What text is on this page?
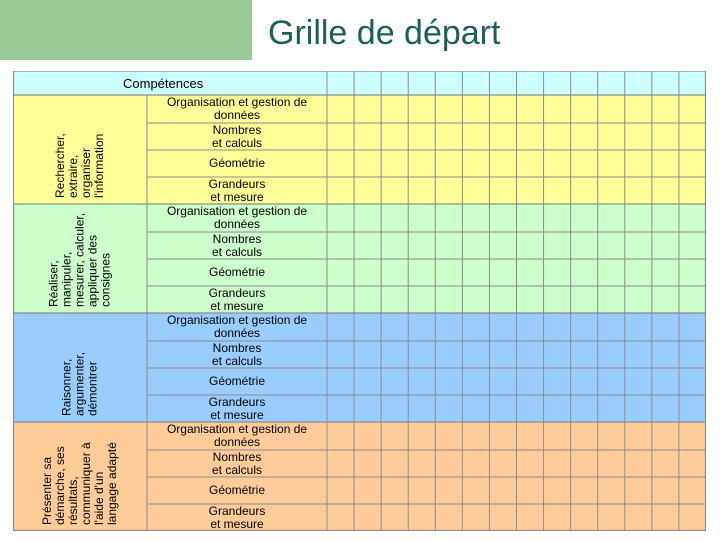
Grille de départ
Compétences
Rechercher,
extraire,
organiser
l'information
Organisation et gestion de
données
Nombres
et calculs
Géométrie
Grandeurs
et mesure
Réaliser,
manipuler,
mesurer, calculer,
appliquer des
consignes
Organisation et gestion de
données
Nombres
et calculs
Géométrie
Grandeurs
et mesure
Raisonner,
argumenter,
démontrer
Organisation et gestion de
données
Nombres
et calculs
Géométrie
Grandeurs
et mesure
Présenter sa
démarche, ses
résultats,
communiquer à
l'aide d'un
langage adapté
Organisation et gestion de
données
Nombres
et calculs
Géométrie
Grandeurs
et mesure
